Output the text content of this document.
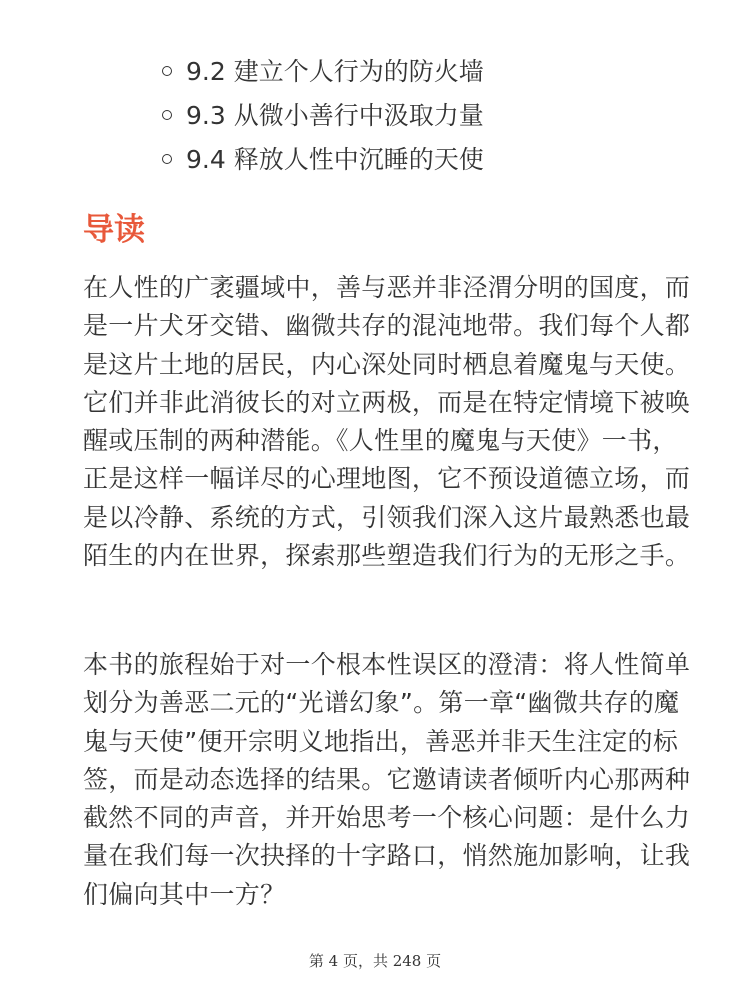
9.2 建立个人行为的防火墙
9.3 从微小善行中汲取力量
9.4 释放人性中沉睡的天使
导读

在人性的广袤疆域中，善与恶并非泾渭分明的国度，而是一片犬牙交错、幽微共存的混沌地带。我们每个人都是这片土地的居民，内心深处同时栖息着魔鬼与天使。它们并非此消彼长的对立两极，而是在特定情境下被唤醒或压制的两种潜能。《人性里的魔鬼与天使》一书，正是这样一幅详尽的心理地图，它不预设道德立场，而是以冷静、系统的方式，引领我们深入这片最熟悉也最陌生的内在世界，探索那些塑造我们行为的无形之手。

本书的旅程始于对一个根本性误区的澄清：将人性简单划分为善恶二元的“光谱幻象”。第一章“幽微共存的魔鬼与天使”便开宗明义地指出，善恶并非天生注定的标签，而是动态选择的结果。它邀请读者倾听内心那两种截然不同的声音，并开始思考一个核心问题：是什么力量在我们每一次抉择的十字路口，悄然施加影响，让我们偏向其中一方？

第 4 页，共 248 页
